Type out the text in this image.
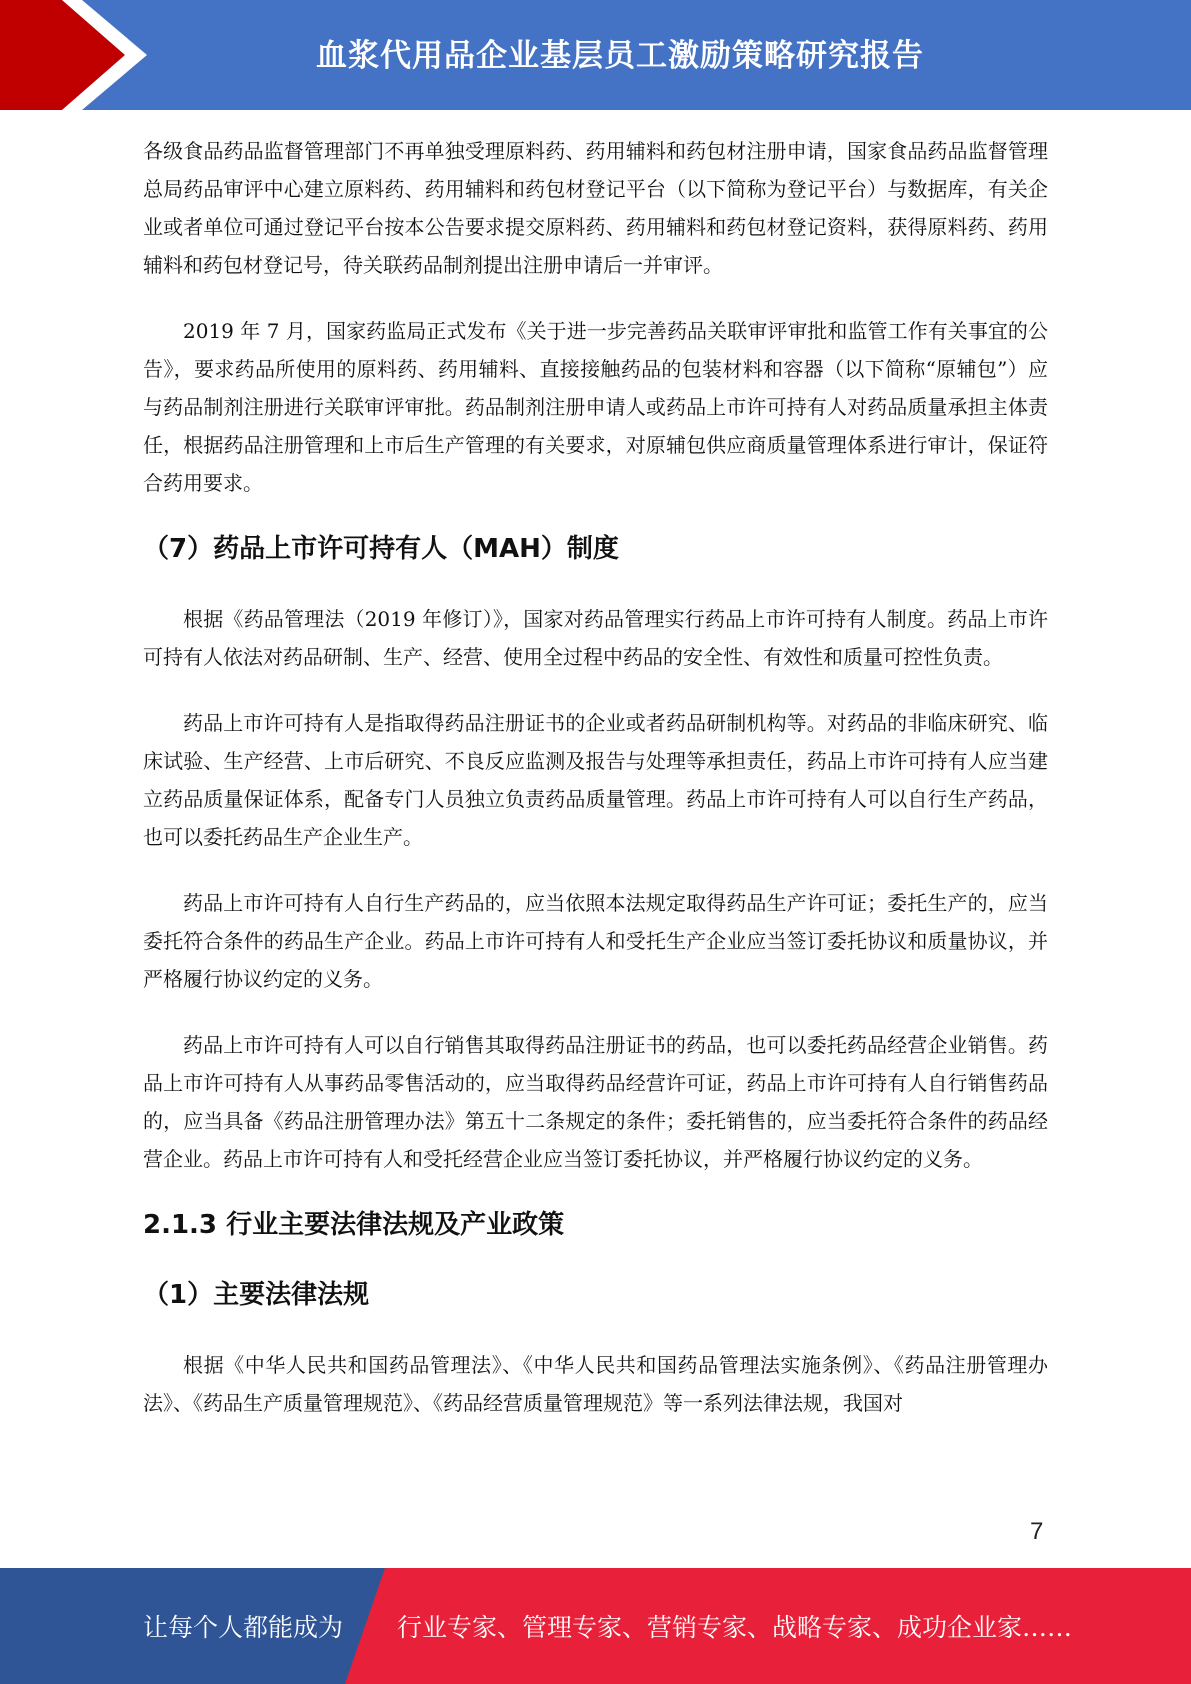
血浆代用品企业基层员工激励策略研究报告

各级食品药品监督管理部门不再单独受理原料药、药用辅料和药包材注册申请，国家食品药品监督管理总局药品审评中心建立原料药、药用辅料和药包材登记平台（以下简称为登记平台）与数据库，有关企业或者单位可通过登记平台按本公告要求提交原料药、药用辅料和药包材登记资料，获得原料药、药用辅料和药包材登记号，待关联药品制剂提出注册申请后一并审评。

2019 年 7 月，国家药监局正式发布《关于进一步完善药品关联审评审批和监管工作有关事宜的公告》，要求药品所使用的原料药、药用辅料、直接接触药品的包装材料和容器（以下简称“原辅包”）应与药品制剂注册进行关联审评审批。药品制剂注册申请人或药品上市许可持有人对药品质量承担主体责任，根据药品注册管理和上市后生产管理的有关要求，对原辅包供应商质量管理体系进行审计，保证符合药用要求。

（7）药品上市许可持有人（MAH）制度

根据《药品管理法（2019 年修订）》，国家对药品管理实行药品上市许可持有人制度。药品上市许可持有人依法对药品研制、生产、经营、使用全过程中药品的安全性、有效性和质量可控性负责。

药品上市许可持有人是指取得药品注册证书的企业或者药品研制机构等。对药品的非临床研究、临床试验、生产经营、上市后研究、不良反应监测及报告与处理等承担责任，药品上市许可持有人应当建立药品质量保证体系，配备专门人员独立负责药品质量管理。药品上市许可持有人可以自行生产药品，也可以委托药品生产企业生产。

药品上市许可持有人自行生产药品的，应当依照本法规定取得药品生产许可证；委托生产的，应当委托符合条件的药品生产企业。药品上市许可持有人和受托生产企业应当签订委托协议和质量协议，并严格履行协议约定的义务。

药品上市许可持有人可以自行销售其取得药品注册证书的药品，也可以委托药品经营企业销售。药品上市许可持有人从事药品零售活动的，应当取得药品经营许可证，药品上市许可持有人自行销售药品的，应当具备《药品注册管理办法》第五十二条规定的条件；委托销售的，应当委托符合条件的药品经营企业。药品上市许可持有人和受托经营企业应当签订委托协议，并严格履行协议约定的义务。

2.1.3 行业主要法律法规及产业政策
（1）主要法律法规

根据《中华人民共和国药品管理法》、《中华人民共和国药品管理法实施条例》、《药品注册管理办法》、《药品生产质量管理规范》、《药品经营质量管理规范》等一系列法律法规，我国对

7
让每个人都能成为 行业专家、管理专家、营销专家、战略专家、成功企业家……
